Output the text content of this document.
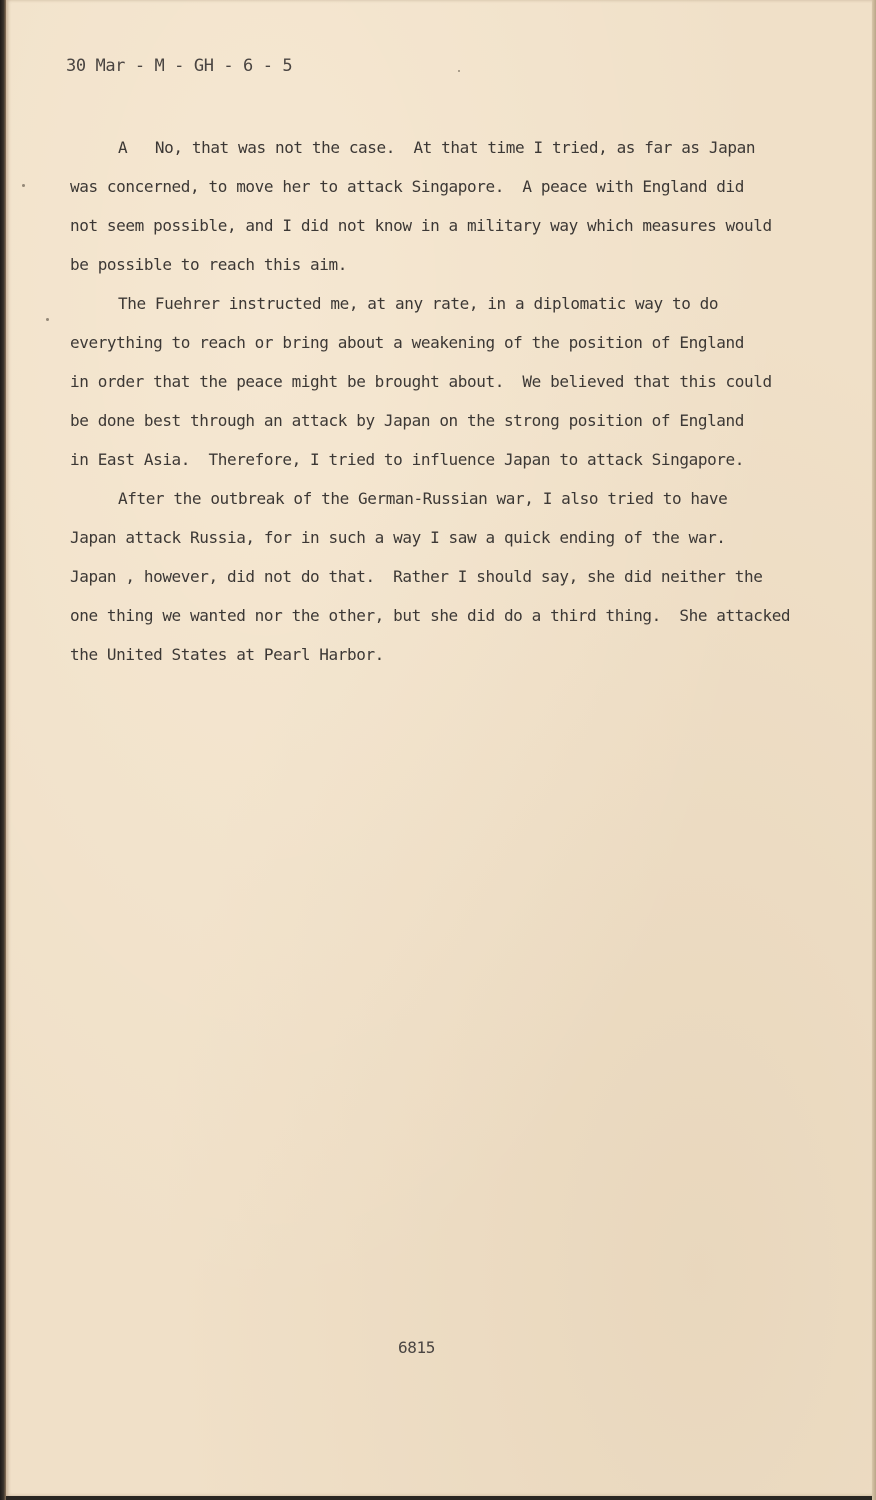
30 Mar - M - GH - 6 - 5
A   No, that was not the case.  At that time I tried, as far as Japan
was concerned, to move her to attack Singapore.  A peace with England did
not seem possible, and I did not know in a military way which measures would
be possible to reach this aim.
The Fuehrer instructed me, at any rate, in a diplomatic way to do
everything to reach or bring about a weakening of the position of England
in order that the peace might be brought about.  We believed that this could
be done best through an attack by Japan on the strong position of England
in East Asia.  Therefore, I tried to influence Japan to attack Singapore.
After the outbreak of the German-Russian war, I also tried to have
Japan attack Russia, for in such a way I saw a quick ending of the war.
Japan , however, did not do that.  Rather I should say, she did neither the
one thing we wanted nor the other, but she did do a third thing.  She attacked
the United States at Pearl Harbor.
6815
